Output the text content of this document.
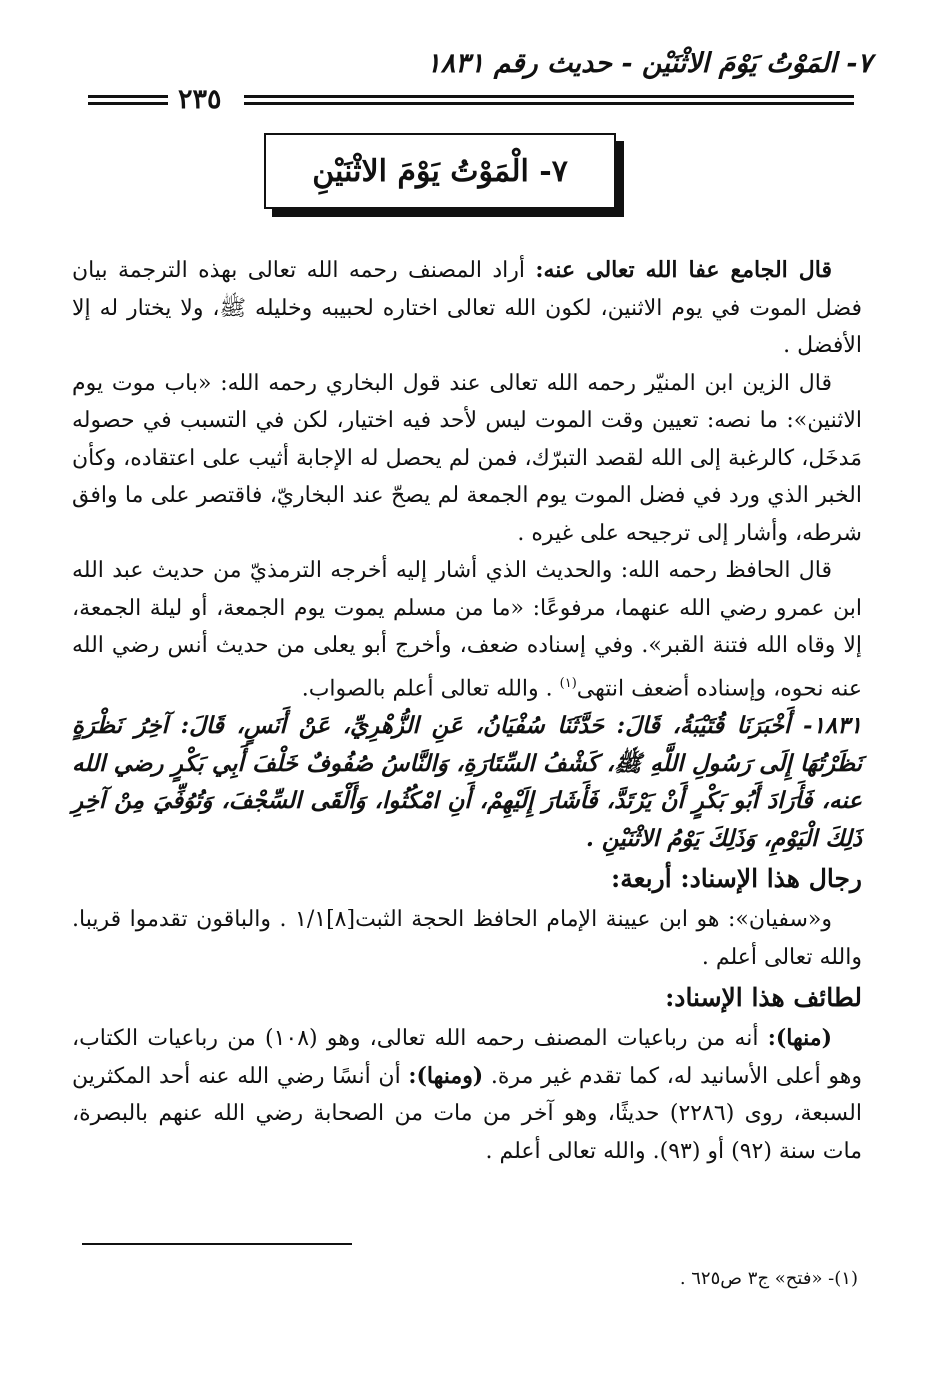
٧- المَوْتُ يَوْمَ الاثْنَيْن - حديث رقم ١٨٣١
٢٣٥
٧- الْمَوْتُ يَوْمَ الاثْنَيْنِ

قال الجامع عفا الله تعالى عنه: أراد المصنف رحمه الله تعالى بهذه الترجمة بيان فضل الموت في يوم الاثنين، لكون الله تعالى اختاره لحبيبه وخليله ﷺ، ولا يختار له إلا الأفضل .

قال الزين ابن المنيّر رحمه الله تعالى عند قول البخاري رحمه الله: «باب موت يوم الاثنين»: ما نصه: تعيين وقت الموت ليس لأحد فيه اختيار، لكن في التسبب في حصوله مَدخَل، كالرغبة إلى الله لقصد التبرّك، فمن لم يحصل له الإجابة أثيب على اعتقاده، وكأن الخبر الذي ورد في فضل الموت يوم الجمعة لم يصحّ عند البخاريّ، فاقتصر على ما وافق شرطه، وأشار إلى ترجيحه على غيره .

قال الحافظ رحمه الله: والحديث الذي أشار إليه أخرجه الترمذيّ من حديث عبد الله ابن عمرو رضي الله عنهما، مرفوعًا: «ما من مسلم يموت يوم الجمعة، أو ليلة الجمعة، إلا وقاه الله فتنة القبر». وفي إسناده ضعف، وأخرج أبو يعلى من حديث أنس رضي الله عنه نحوه، وإسناده أضعف انتهى$^{(١)}$ . والله تعالى أعلم بالصواب.

١٨٣١- أَخْبَرَنَا قُتَيْبَةُ، قَالَ: حَدَّثَنَا سُفْيَانُ، عَنِ الزُّهْرِيِّ، عَنْ أَنَسٍ، قَالَ: آخِرُ نَظْرَةٍ نَظَرْتُهَا إِلَى رَسُولِ اللَّهِ ﷺ، كَشْفُ السِّتَارَةِ، وَالنَّاسُ صُفُوفٌ خَلْفَ أَبِي بَكْرٍ رضي الله عنه، فَأَرَادَ أَبُو بَكْرٍ أَنْ يَرْتَدَّ، فَأَشَارَ إِلَيْهِمْ، أَنِ امْكُثُوا، وَأَلْقَى السِّجْفَ، وَتُوُفِّيَ مِنْ آخِرِ ذَلِكَ الْيَوْمِ، وَذَلِكَ يَوْمُ الاثْنَيْنِ .

رجال هذا الإسناد: أربعة:

و«سفيان»: هو ابن عيينة الإمام الحافظ الحجة الثبت[٨]١/١ . والباقون تقدموا قريبا. والله تعالى أعلم .

لطائف هذا الإسناد:

(منها): أنه من رباعيات المصنف رحمه الله تعالى، وهو (١٠٨) من رباعيات الكتاب، وهو أعلى الأسانيد له، كما تقدم غير مرة. (ومنها): أن أنسًا رضي الله عنه أحد المكثرين السبعة، روى (٢٢٨٦) حديثًا، وهو آخر من مات من الصحابة رضي الله عنهم بالبصرة، مات سنة (٩٢) أو (٩٣). والله تعالى أعلم .

(١)- «فتح» ج٣ ص٦٢٥ .
